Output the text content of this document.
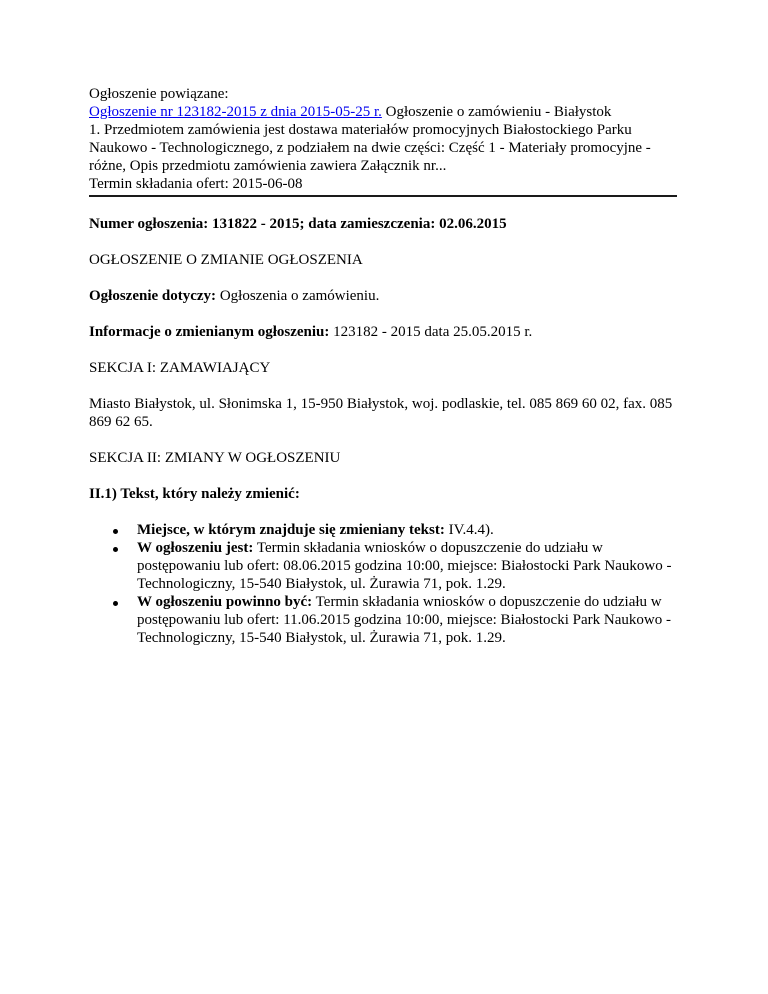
Ogłoszenie powiązane:

Ogłoszenie nr 123182-2015 z dnia 2015-05-25 r. Ogłoszenie o zamówieniu - Białystok

1. Przedmiotem zamówienia jest dostawa materiałów promocyjnych Białostockiego Parku

Naukowo - Technologicznego, z podziałem na dwie części: Część 1 - Materiały promocyjne -

różne, Opis przedmiotu zamówienia zawiera Załącznik nr...

Termin składania ofert: 2015-06-08

Numer ogłoszenia: 131822 - 2015; data zamieszczenia: 02.06.2015

OGŁOSZENIE O ZMIANIE OGŁOSZENIA

Ogłoszenie dotyczy: Ogłoszenia o zamówieniu.

Informacje o zmienianym ogłoszeniu: 123182 - 2015 data 25.05.2015 r.

SEKCJA I: ZAMAWIAJĄCY

Miasto Białystok, ul. Słonimska 1, 15-950 Białystok, woj. podlaskie, tel. 085 869 60 02, fax. 085 869 62 65.

SEKCJA II: ZMIANY W OGŁOSZENIU

II.1) Tekst, który należy zmienić:

Miejsce, w którym znajduje się zmieniany tekst: IV.4.4).
W ogłoszeniu jest: Termin składania wniosków o dopuszczenie do udziału w postępowaniu lub ofert: 08.06.2015 godzina 10:00, miejsce: Białostocki Park Naukowo - Technologiczny, 15-540 Białystok, ul. Żurawia 71, pok. 1.29.
W ogłoszeniu powinno być: Termin składania wniosków o dopuszczenie do udziału w postępowaniu lub ofert: 11.06.2015 godzina 10:00, miejsce: Białostocki Park Naukowo - Technologiczny, 15-540 Białystok, ul. Żurawia 71, pok. 1.29.
